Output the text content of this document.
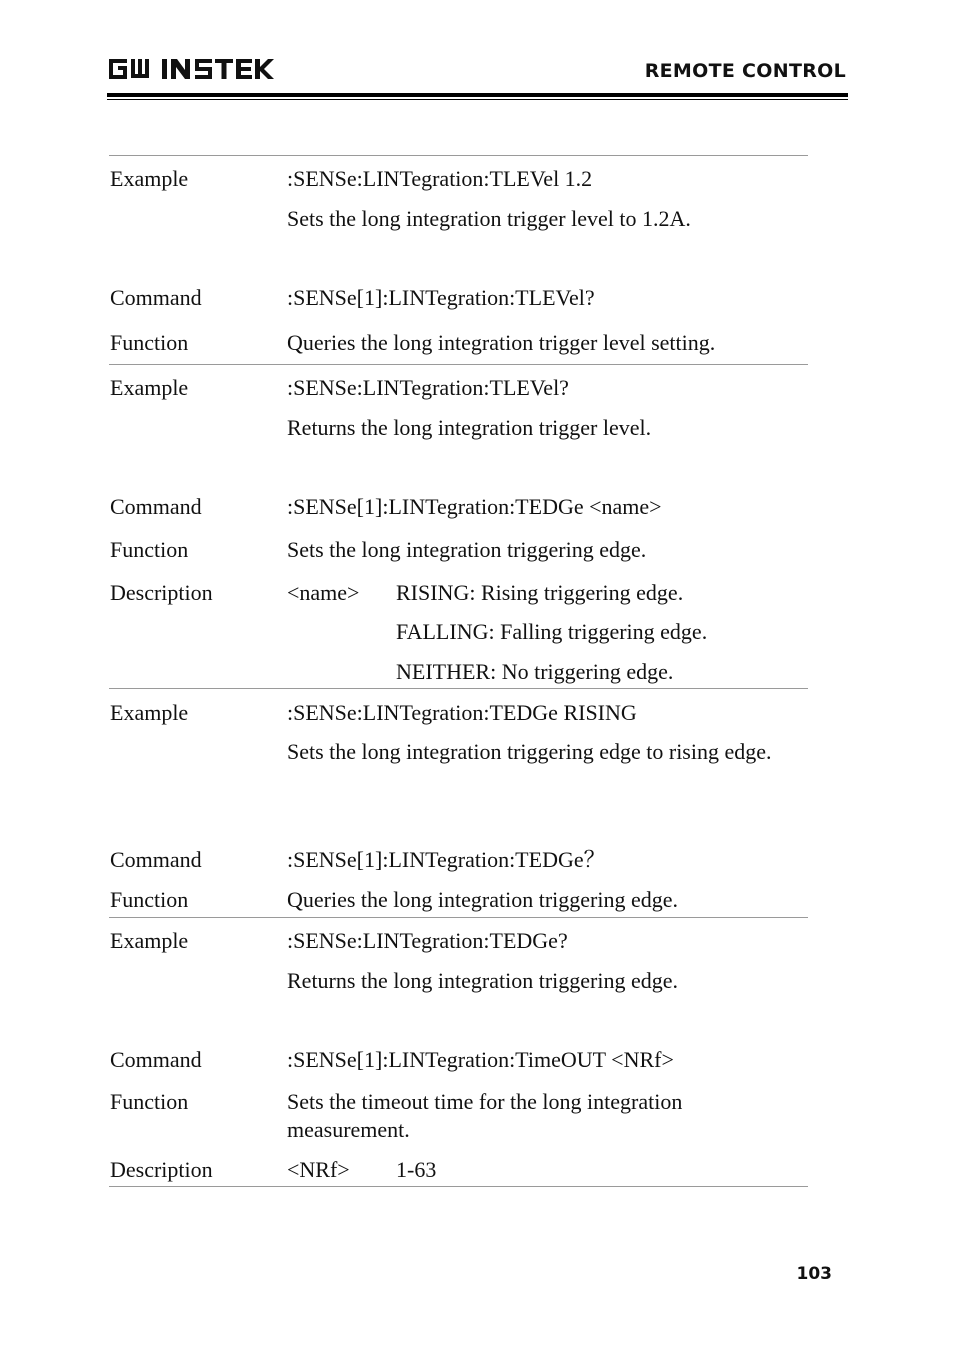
REMOTE CONTROL
Example	:SENSe:LINTegration:TLEVel 1.2
Sets the long integration trigger level to 1.2A.
Command	:SENSe[1]:LINTegration:TLEVel?
Function	Queries the long integration trigger level setting.
Example	:SENSe:LINTegration:TLEVel?
Returns the long integration trigger level.
Command	:SENSe[1]:LINTegration:TEDGe <name>
Function	Sets the long integration triggering edge.
Description	<name> RISING: Rising triggering edge.
FALLING: Falling triggering edge.
NEITHER: No triggering edge.
Example	:SENSe:LINTegration:TEDGe RISING
Sets the long integration triggering edge to rising edge.
Command	:SENSe[1]:LINTegration:TEDGe？
Function	Queries the long integration triggering edge.
Example	:SENSe:LINTegration:TEDGe?
Returns the long integration triggering edge.
Command	:SENSe[1]:LINTegration:TimeOUT <NRf>
Function	Sets the timeout time for the long integration measurement.
Description	<NRf> 1-63
103
